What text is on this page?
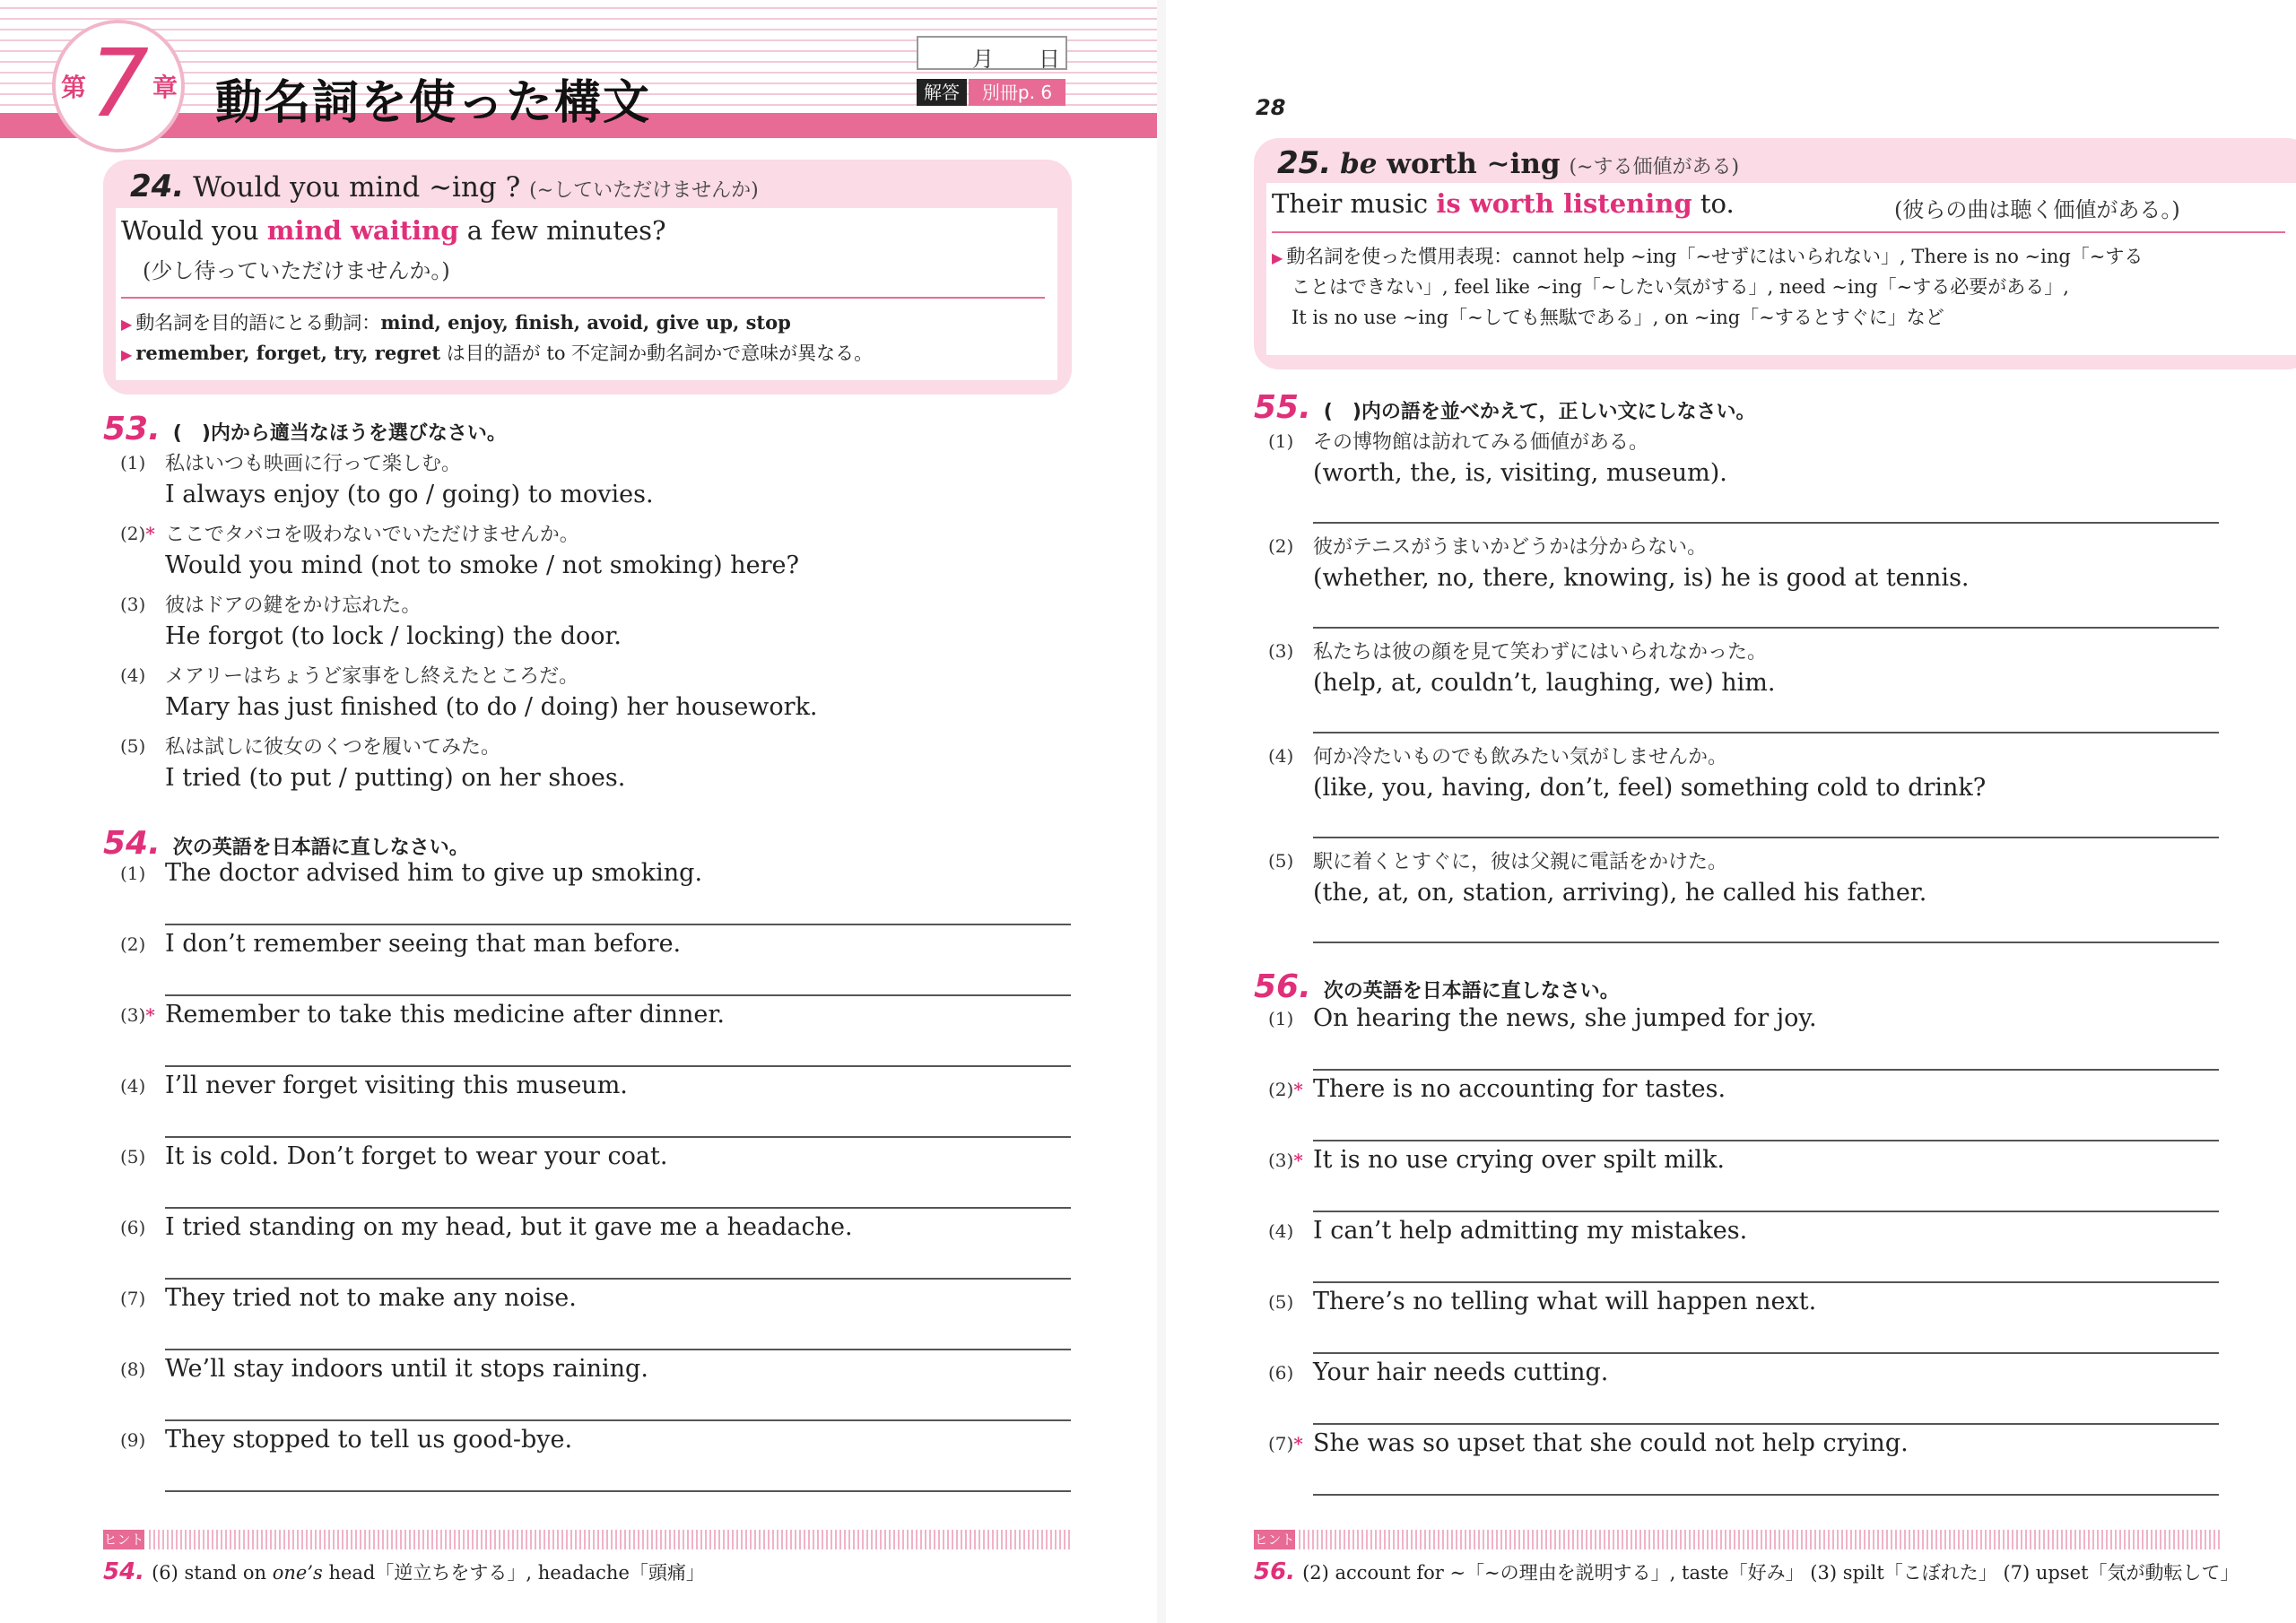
第 7 章 動名詞を使った構文
月 日
解答	別冊p. 6
24. Would you mind ∼ing ? (∼していただけませんか)
Would you mind waiting a few minutes?
(少し待っていただけませんか。)
▶ 動名詞を目的語にとる動詞：mind, enjoy, finish, avoid, give up, stop
▶ remember, forget, try, regret は目的語が to 不定詞か動名詞かで意味が異なる。
53. (　)内から適当なほうを選びなさい。
(1) 私はいつも映画に行って楽しむ。
I always enjoy (to go / going) to movies.
(2)* ここでタバコを吸わないでいただけませんか。
Would you mind (not to smoke / not smoking) here?
(3) 彼はドアの鍵をかけ忘れた。
He forgot (to lock / locking) the door.
(4) メアリーはちょうど家事をし終えたところだ。
Mary has just finished (to do / doing) her housework.
(5) 私は試しに彼女のくつを履いてみた。
I tried (to put / putting) on her shoes.
54. 次の英語を日本語に直しなさい。
(1) The doctor advised him to give up smoking.
(2) I don’t remember seeing that man before.
(3)* Remember to take this medicine after dinner.
(4) I’ll never forget visiting this museum.
(5) It is cold. Don’t forget to wear your coat.
(6) I tried standing on my head, but it gave me a headache.
(7) They tried not to make any noise.
(8) We’ll stay indoors until it stops raining.
(9) They stopped to tell us good-bye.
ヒント
54. (6) stand on one’s head「逆立ちをする」, headache「頭痛」
28
25. be worth ∼ing (∼する価値がある)
Their music is worth listening to.	(彼らの曲は聴く価値がある。)
▶ 動名詞を使った慣用表現：cannot help ∼ing「∼せずにはいられない」, There is no ∼ing「∼する
ことはできない」, feel like ∼ing「∼したい気がする」, need ∼ing「∼する必要がある」,
It is no use ∼ing「∼しても無駄である」, on ∼ing「∼するとすぐに」など
55. (　)内の語を並べかえて，正しい文にしなさい。
(1) その博物館は訪れてみる価値がある。
(worth, the, is, visiting, museum).
(2) 彼がテニスがうまいかどうかは分からない。
(whether, no, there, knowing, is) he is good at tennis.
(3) 私たちは彼の顔を見て笑わずにはいられなかった。
(help, at, couldn’t, laughing, we) him.
(4) 何か冷たいものでも飲みたい気がしませんか。
(like, you, having, don’t, feel) something cold to drink?
(5) 駅に着くとすぐに，彼は父親に電話をかけた。
(the, at, on, station, arriving), he called his father.
56. 次の英語を日本語に直しなさい。
(1) On hearing the news, she jumped for joy.
(2)* There is no accounting for tastes.
(3)* It is no use crying over spilt milk.
(4) I can’t help admitting my mistakes.
(5) There’s no telling what will happen next.
(6) Your hair needs cutting.
(7)* She was so upset that she could not help crying.
ヒント
56. (2) account for ∼「∼の理由を説明する」, taste「好み」 (3) spilt「こぼれた」 (7) upset「気が動転して」
